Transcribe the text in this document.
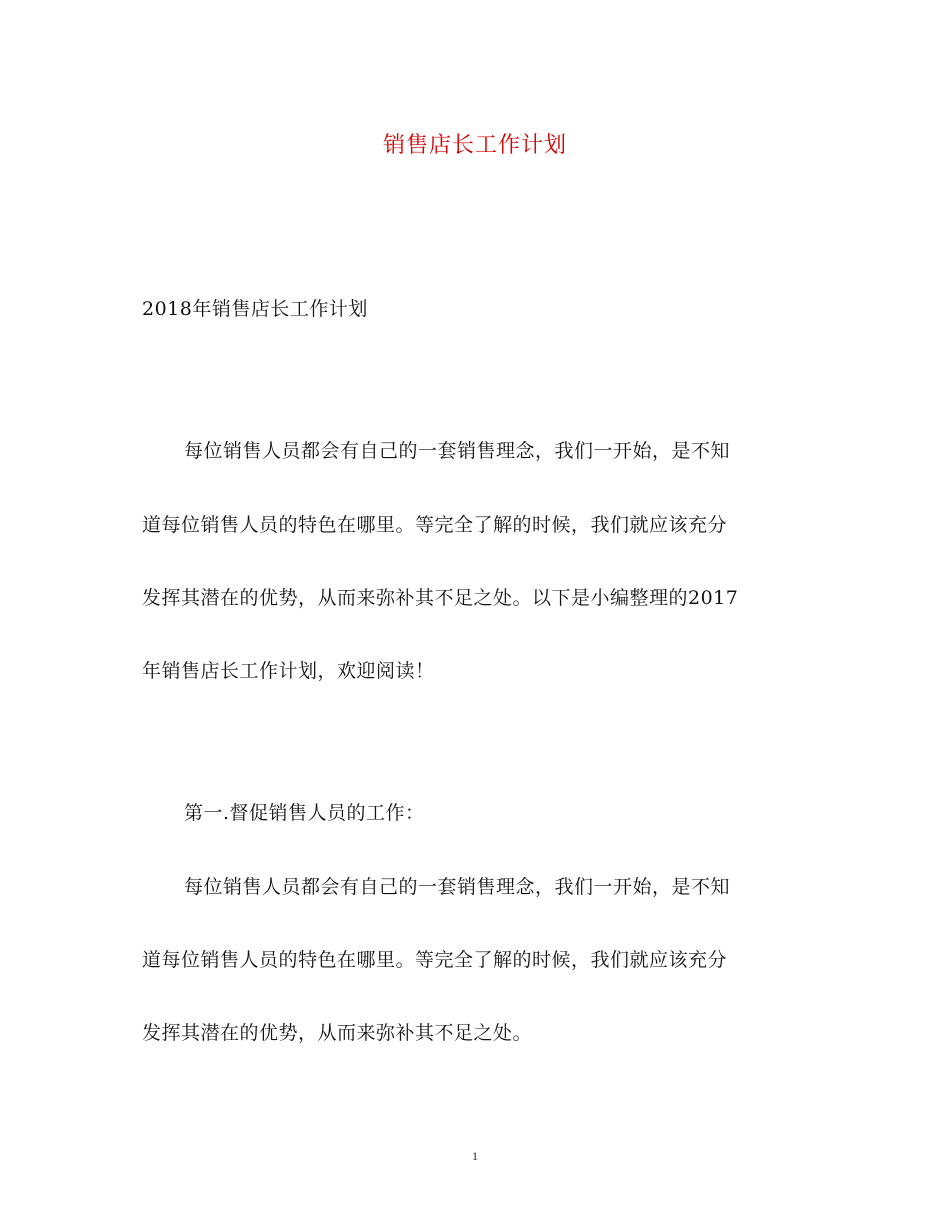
销售店长工作计划
2018年销售店长工作计划
每位销售人员都会有自己的一套销售理念，我们一开始，是不知
道每位销售人员的特色在哪里。等完全了解的时候，我们就应该充分
发挥其潜在的优势，从而来弥补其不足之处。以下是小编整理的2017
年销售店长工作计划，欢迎阅读！
第一.督促销售人员的工作：
每位销售人员都会有自己的一套销售理念，我们一开始，是不知
道每位销售人员的特色在哪里。等完全了解的时候，我们就应该充分
发挥其潜在的优势，从而来弥补其不足之处。
1
